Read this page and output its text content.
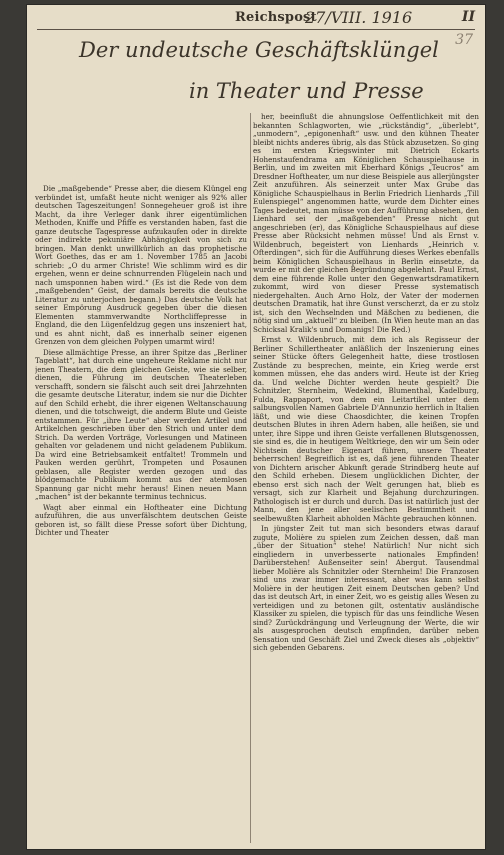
Reichspost
27/VIII. 1916	II
37
Der undeutsche Geschäftsklüngel
in Theater und Presse

Die „maßgebende“ Presse aber, die diesem Klüngel eng verbündet ist, umfaßt heute nicht weniger als 92% aller deutschen Tageszeitungen! Sonnegeheuer groß ist ihre Macht, da ihre Verleger dank ihrer eigentümlichen Methoden, Kniffe und Pfiffe es verstanden haben, fast die ganze deutsche Tagespresse aufzukaufen oder in direkte oder indirekte pekuniäre Abhängigkeit von sich zu bringen. Man denkt unwillkürlich an das prophetische Wort Goethes, das er am 1. November 1785 an Jacobi schrieb: „O du armer Christe! Wie schlimm wird es dir ergehen, wenn er deine schnurrenden Flügelein nach und nach umsponnen haben wird.“ (Es ist die Rede von dem „maßgebenden“ Geist, der damals bereits die deutsche Literatur zu unterjochen begann.) Das deutsche Volk hat seiner Empörung Ausdruck gegeben über die diesen Elementen stammverwandte Northcliffepresse in England, die den Lügenfeldzug gegen uns inszeniert hat, und es ahnt nicht, daß es innerhalb seiner eigenen Grenzen von dem gleichen Polypen umarmt wird!

Diese allmächtige Presse, an ihrer Spitze das „Berliner Tageblatt“, hat durch eine ungeheure Reklame nicht nur jenen Theatern, die dem gleichen Geiste, wie sie selber, dienen, die Führung im deutschen Theaterleben verschafft, sondern sie fälscht auch seit drei Jahrzehnten die gesamte deutsche Literatur, indem sie nur die Dichter auf den Schild erhebt, die ihrer eigenen Weltanschauung dienen, und die totschweigt, die anderm Blute und Geiste entstammen. Für „ihre Leute“ aber werden Artikel und Artikelchen geschrieben über den Strich und unter dem Strich. Da werden Vorträge, Vorlesungen und Matineen gehalten vor geladenem und nicht geladenem Publikum. Da wird eine Betriebsamkeit entfaltet! Trommeln und Pauken werden gerührt, Trompeten und Posaunen geblasen, alle Register werden gezogen und das blödgemachte Publikum kommt aus der atemlosen Spannung gar nicht mehr heraus! Einen neuen Mann „machen“ ist der bekannte terminus technicus.

Wagt aber einmal ein Hoftheater eine Dichtung aufzuführen, die aus unverfälschtem deutschen Geiste geboren ist, so fällt diese Presse sofort über Dichtung, Dichter und Theater

her, beeinflußt die ahnungslose Oeffentlichkeit mit den bekannten Schlagworten, wie „rückständig“, „überlebt“, „unmodern“, „epigonenhaft“ usw. und den kühnen Theater bleibt nichts anderes übrig, als das Stück abzusetzen. So ging es im ersten Kriegswinter mit Dietrich Eckarts Hohenstaufendrama am Königlichen Schauspielhause in Berlin, und im zweiten mit Eberhard Königs „Teucros“ am Dresdner Hoftheater, um nur diese Beispiele aus allerjüngster Zeit anzuführen. Als seinerzeit unter Max Grube das Königliche Schauspielhaus in Berlin Friedrich Lienhards „Till Eulenspiegel“ angenommen hatte, wurde dem Dichter eines Tages bedeutet, man müsse von der Aufführung absehen, den Lienhard sei der „maßgebenden“ Presse nicht gut angeschrieben (er), das Königliche Schauspielhaus auf diese Presse aber Rücksicht nehmen müsse! Und als Ernst v. Wildenbruch, begeistert von Lienhards „Heinrich v. Ofterdingen“, sich für die Aufführung dieses Werkes ebenfalls beim Königlichen Schauspielhaus in Berlin einsetzte, da wurde er mit der gleichen Begründung abgelehnt. Paul Ernst, dem eine führende Rolle unter den Gegenwartsdramatikern zukommt, wird von dieser Presse systematisch niedergehalten. Auch Arno Holz, der Vater der modernen deutschen Dramatik, hat ihre Gunst verscherzt, da er zu stolz ist, sich den Wechselnden und Mäßchen zu bedienen, die nötig sind um „aktuell“ zu bleiben. (In Wien heute man an das Schicksal Kralik's und Domanigs! Die Red.)

Ernst v. Wildenbruch, mit dem ich als Regisseur der Berliner Schillertheater anläßlich der Inszenierung eines seiner Stücke öfters Gelegenheit hatte, diese trostlosen Zustände zu besprechen, meinte, ein Krieg werde erst kommen müssen, ehe das anders wird. Heute ist der Krieg da. Und welche Dichter werden heute gespielt? Die Schnitzler, Sternheim, Wedekind, Blumenthal, Kadelburg, Fulda, Rappaport, von dem ein Leitartikel unter dem salbungsvollen Namen Gabriele D'Annunzio herrlich in Italien läßt, und wie diese Chaosdichter, die keinen Tropfen deutschen Blutes in ihren Adern haben, alle heißen, sie und unter, ihre Sippe und ihren Geiste verfallenen Blutsgenossen, sie sind es, die in heutigem Weltkriege, den wir um Sein oder Nichtsein deutscher Eigenart führen, unsere Theater beherrschen! Begreiflich ist es, daß jene führenden Theater von Dichtern arischer Abkunft gerade Strindberg heute auf den Schild erheben. Diesem unglücklichen Dichter, der ebenso erst sich nach der Welt gerungen hat, blieb es versagt, sich zur Klarheit und Bejahung durchzuringen. Pathologisch ist er durch und durch. Das ist natürlich just der Mann, den jene aller seelischen Bestimmtheit und seelbewußten Klarheit abholden Mächte gebrauchen können.

In jüngster Zeit tut man sich besonders etwas darauf zugute, Molière zu spielen zum Zeichen dessen, daß man „über der Situation“ stehe! Natürlich! Nur nicht sich eingliedern in unverbesserte nationales Empfinden! Darüberstehen! Außenseiter sein! Abergut. Tausendmal lieber Molière als Schnitzler oder Sternheim! Die Franzosen sind uns zwar immer interessant, aber was kann selbst Molière in der heutigen Zeit einem Deutschen geben? Und das ist deutsch Art, in einer Zeit, wo es geistig alles Wesen zu verteidigen und zu betonen gilt, ostentativ ausländische Klassiker zu spielen, die typisch für das uns feindliche Wesen sind? Zurückdrängung und Verleugnung der Werte, die wir als ausgesprochen deutsch empfinden, darüber neben Sensation und Geschäft Ziel und Zweck dieses als „objektiv“ sich gebenden Gebarens.
